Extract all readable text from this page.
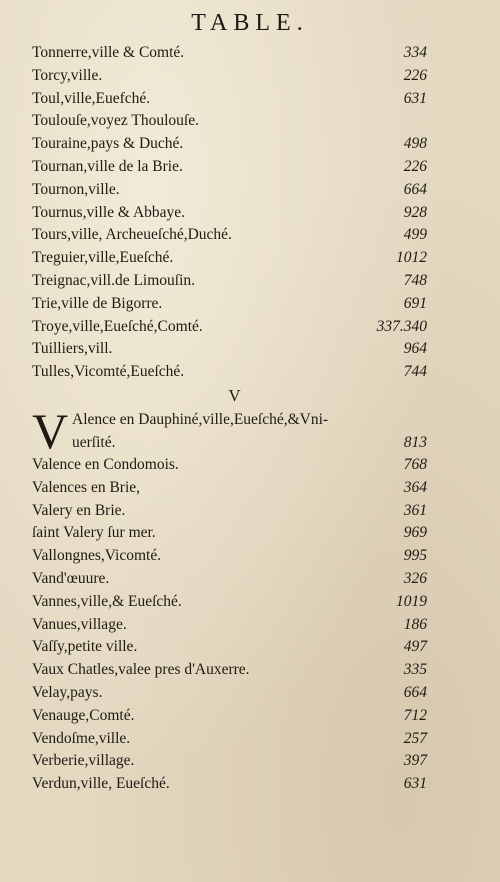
TABLE.
Tonnerre,ville & Comté.	334
Torcy,ville.	226
Toul,ville,Euefché.	631
Toulouſe,voyez Thoulouſe.
Touraine,pays & Duché.	498
Tournan,ville de la Brie.	226
Tournon,ville.	664
Tournus,ville & Abbaye.	928
Tours,ville, Archeueſché,Duché.	499
Treguier,ville,Eueſché.	1012
Treignac,vill.de Limouſin.	748
Trie,ville de Bigorre.	691
Troye,ville,Eueſché,Comté.	337.340
Tuilliers,vill.	964
Tulles,Vicomté,Eueſché.	744
V
V Alence en Dauphiné,ville,Eueſché,&Vni-
uerſité.	813
Valence en Condomois.	768
Valences en Brie,	364
Valery en Brie.	361
ſaint Valery ſur mer.	969
Vallongnes,Vicomté.	995
Vand'œuure.	326
Vannes,ville,& Eueſché.	1019
Vanues,village.	186
Vaſſy,petite ville.	497
Vaux Chatles,valee pres d'Auxerre.	335
Velay,pays.	664
Venauge,Comté.	712
Vendoſme,ville.	257
Verberie,village.	397
Verdun,ville, Eueſché.	631
